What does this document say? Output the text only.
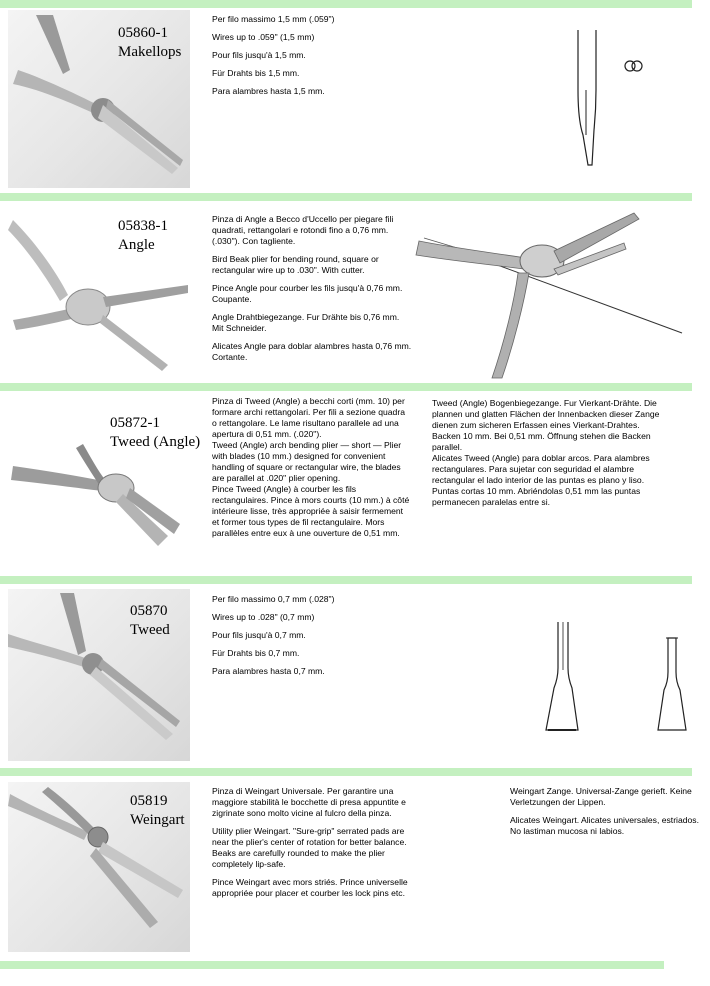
05860-1
Makellops

Per filo massimo 1,5 mm (.059")

Wires up to .059" (1,5 mm)

Pour fils jusqu'à 1,5 mm.

Für Drahts bis 1,5 mm.

Para alambres hasta 1,5 mm.

05838-1
Angle

Pinza di Angle a Becco d'Uccello per piegare fili quadrati, rettangolari e rotondi fino a 0,76 mm. (.030"). Con tagliente.

Bird Beak plier for bending round, square or rectangular wire up to .030". With cutter.

Pince Angle pour courber les fils jusqu'à 0,76 mm. Coupante.

Angle Drahtbiegezange. Fur Drähte bis 0,76 mm. Mit Schneider.

Alicates Angle para doblar alambres hasta 0,76 mm. Cortante.

05872-1
Tweed (Angle)

Pinza di Tweed (Angle) a becchi corti (mm. 10) per formare archi rettangolari. Per fili a sezione quadra o rettangolare. Le lame risultano parallele ad una apertura di 0,51 mm. (.020").

Tweed (Angle) arch bending plier — short — Plier with blades (10 mm.) designed for convenient handling of square or rectangular wire, the blades are parallel at .020" plier opening.

Pince Tweed (Angle) à courber les fils rectangulaires. Pince à mors courts (10 mm.) à côté intérieure lisse, très appropriée à saisir fermement et former tous types de fil rectangulaire. Mors parallèles entre eux à une ouverture de 0,51 mm.

Tweed (Angle) Bogenbiegezange. Fur Vierkant-Drähte. Die plannen und glatten Flächen der Innenbacken dieser Zange dienen zum sicheren Erfassen eines Vierkant-Drahtes. Backen 10 mm. Bei 0,51 mm. Öffnung stehen die Backen parallel.

Alicates Tweed (Angle) para doblar arcos. Para alambres rectangulares. Para sujetar con seguridad el alambre rectangular el lado interior de las puntas es plano y liso. Puntas cortas 10 mm. Abriéndolas 0,51 mm las puntas permanecen paralelas entre si.

05870
Tweed

Per filo massimo 0,7 mm (.028")

Wires up to .028" (0,7 mm)

Pour fils jusqu'à 0,7 mm.

Für Drahts bis 0,7 mm.

Para alambres hasta 0,7 mm.

05819
Weingart

Pinza di Weingart Universale. Per garantire una maggiore stabilità le bocchette di presa appuntite e zigrinate sono molto vicine al fulcro della pinza.

Utility plier Weingart. "Sure-grip" serrated pads are near the plier's center of rotation for better balance. Beaks are carefully rounded to make the plier completely lip-safe.

Pince Weingart avec mors striés. Prince universelle appropriée pour placer et courber les lock pins etc.

Weingart Zange. Universal-Zange gerieft. Keine Verletzungen der Lippen.

Alicates Weingart. Alicates universales, estriados. No lastiman mucosa ni labios.
